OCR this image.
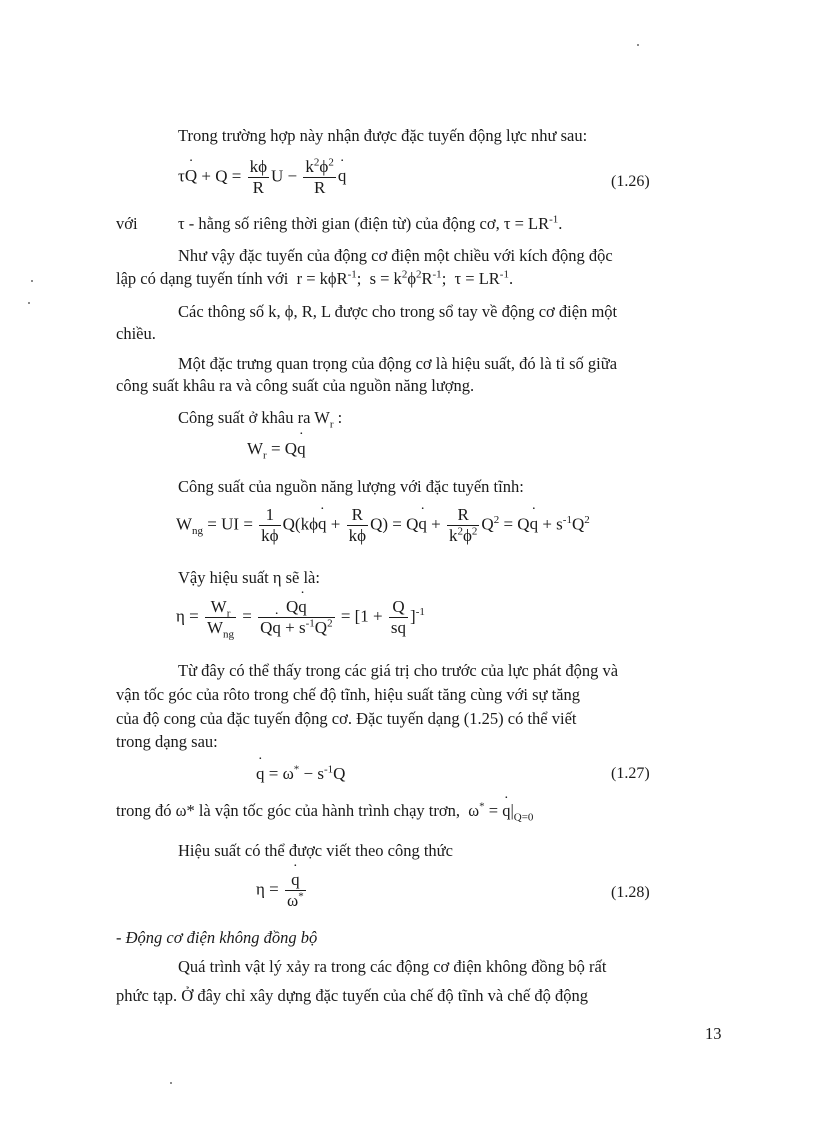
Trong trường hợp này nhận được đặc tuyến động lực như sau:
τQ ˙ + $Q = \frac{k\phi}{R}$ $U - \frac{k^2\phi^2}{R}$ q ˙	(1.26)
với τ - hằng số riêng thời gian (điện từ) của động cơ, $\tau = LR^{-1}$.
Như vậy đặc tuyến của động cơ điện một chiều với kích động độc
lập có dạng tuyến tính với  r = kϕR$^{-1}$;  $s = k^2\phi^2R^{-1}$;  $\tau = LR^{-1}$.
Các thông số k, ϕ, R, L được cho trong sổ tay về động cơ điện một
chiều.
Một đặc trưng quan trọng của động cơ là hiệu suất, đó là tỉ số giữa
công suất khâu ra và công suất của nguồn năng lượng.
Công suất ở khâu ra $W_r$ :
$W_r = Qq$ ˙
Công suất của nguồn năng lượng với đặc tuyến tĩnh:
$W_{ng}$ = UI = $\frac{1}{k\phi} Q(k\phi q$ ˙ + $\frac{R}{k\phi} Q) = Qq$ ˙ + $\frac{R}{k^2\phi^2} Q^2 = Qq$ ˙ + $s^{-1}Q^2$
Vậy hiệu suất η sẽ là:
$\eta = \frac{W_r}{W_{ng}} = \frac{Qq ˙}{Qq ˙ + s^{-1}Q^2} = [1 + \frac{Q}{sq}$ ˙ ]$^{-1}$
Từ đây có thể thấy trong các giá trị cho trước của lực phát động và
vận tốc góc của rôto trong chế độ tĩnh, hiệu suất tăng cùng với sự tăng
của độ cong của đặc tuyến động cơ. Đặc tuyến dạng (1.25) có thể viết
trong dạng sau:
q ˙ = $\omega^* - s^{-1}Q$	(1.27)
trong đó ω* là vận tốc góc của hành trình chạy trơn,  ω* = q $˙|_{Q=0}$
Hiệu suất có thể được viết theo công thức
$\eta = \frac{q ˙}{\omega^*}$	(1.28)
- Động cơ điện không đồng bộ
Quá trình vật lý xảy ra trong các động cơ điện không đồng bộ rất
phức tạp. Ở đây chỉ xây dựng đặc tuyến của chế độ tĩnh và chế độ động
13
